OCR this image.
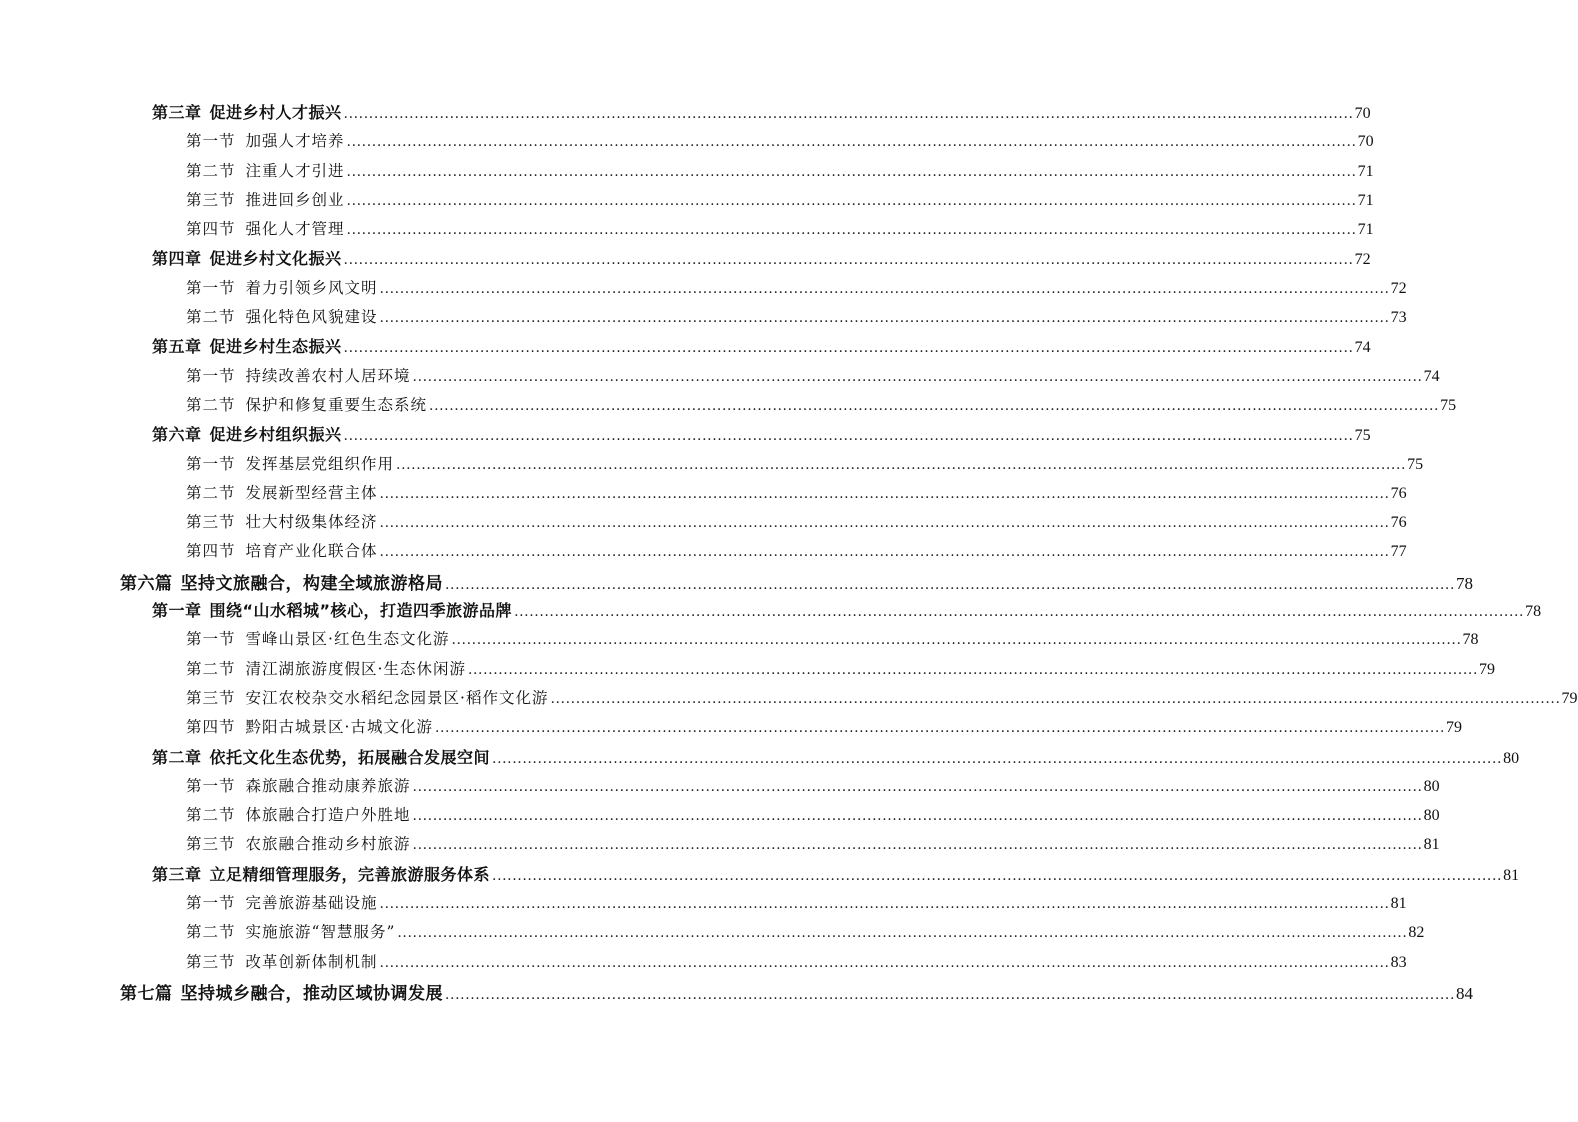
第三章 促进乡村人才振兴 ........................................................................................................................................................................................................ 70
第一节 加强人才培养 ........................................................................................................................................................................................................ 70
第二节 注重人才引进 ........................................................................................................................................................................................................ 71
第三节 推进回乡创业 ........................................................................................................................................................................................................ 71
第四节 强化人才管理 ........................................................................................................................................................................................................ 71
第四章 促进乡村文化振兴 ........................................................................................................................................................................................................ 72
第一节 着力引领乡风文明 ........................................................................................................................................................................................................ 72
第二节 强化特色风貌建设 ........................................................................................................................................................................................................ 73
第五章 促进乡村生态振兴 ........................................................................................................................................................................................................ 74
第一节 持续改善农村人居环境 ........................................................................................................................................................................................................ 74
第二节 保护和修复重要生态系统 ........................................................................................................................................................................................................ 75
第六章 促进乡村组织振兴 ........................................................................................................................................................................................................ 75
第一节 发挥基层党组织作用 ........................................................................................................................................................................................................ 75
第二节 发展新型经营主体 ........................................................................................................................................................................................................ 76
第三节 壮大村级集体经济 ........................................................................................................................................................................................................ 76
第四节 培育产业化联合体 ........................................................................................................................................................................................................ 77
第六篇 坚持文旅融合，构建全域旅游格局 ........................................................................................................................................................................................................ 78
第一章 围绕“山水稻城”核心，打造四季旅游品牌 ........................................................................................................................................................................................................ 78
第一节 雪峰山景区·红色生态文化游 ........................................................................................................................................................................................................ 78
第二节 清江湖旅游度假区·生态休闲游 ........................................................................................................................................................................................................ 79
第三节 安江农校杂交水稻纪念园景区·稻作文化游 ........................................................................................................................................................................................................ 79
第四节 黔阳古城景区·古城文化游 ........................................................................................................................................................................................................ 79
第二章 依托文化生态优势，拓展融合发展空间 ........................................................................................................................................................................................................ 80
第一节 森旅融合推动康养旅游 ........................................................................................................................................................................................................ 80
第二节 体旅融合打造户外胜地 ........................................................................................................................................................................................................ 80
第三节 农旅融合推动乡村旅游 ........................................................................................................................................................................................................ 81
第三章 立足精细管理服务，完善旅游服务体系 ........................................................................................................................................................................................................ 81
第一节 完善旅游基础设施 ........................................................................................................................................................................................................ 81
第二节 实施旅游“智慧服务” ........................................................................................................................................................................................................ 82
第三节 改革创新体制机制 ........................................................................................................................................................................................................ 83
第七篇 坚持城乡融合，推动区域协调发展 ........................................................................................................................................................................................................ 84
